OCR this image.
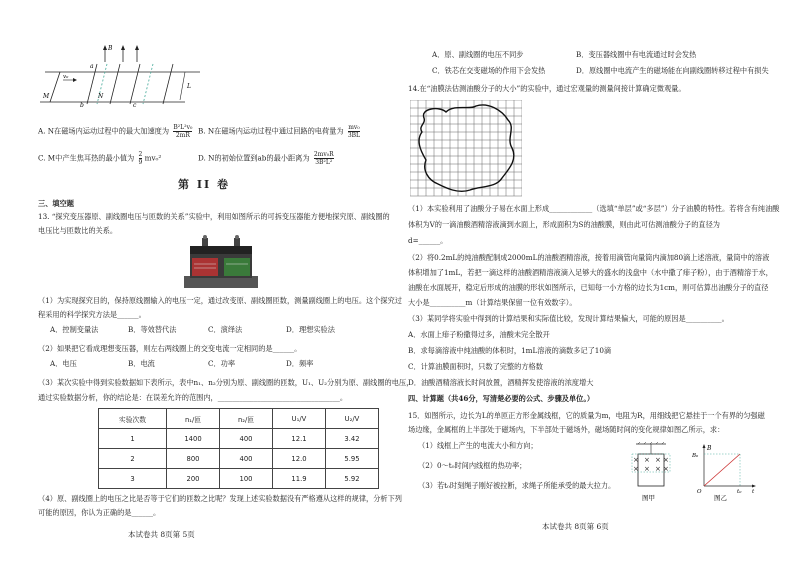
B
a
b	c
M	N
L
v₀
A. N在磁场内运动过程中的最大加速度为 $\frac{\text{B²L²v₀}}{2mR} B$. N在磁场内运动过程中通过回路的电荷量为 $\frac{\text{mv₀}}{3BL}$
C. M中产生焦耳热的最小值为 $\frac{2}{9} mv_0^2$	D. N的初始位置到ab的最小距离为 $\frac{\text{2mv₀R}}{\text{3B²L²}}$
第 II 卷
三、填空题
13. “探究变压器原、副线圈电压与匝数的关系”实验中，利用如图所示的可拆变压器能方便地探究原、副线圈的
电压比与匝数比的关系。
（1）为实现探究目的，保持原线圈输入的电压一定，通过改变原、副线圈匝数，测量副线圈上的电压。这个探究过
程采用的科学探究方法是______。
A．控制变量法	B．等效替代法	C．演绎法	D．理想实验法
（2）如果把它看成理想变压器，则左右两线圈上的交变电流一定相同的是______。
A．电压	B．电流	C．功率	D．频率
（3）某次实验中得到实验数据如下表所示，表中n₁、n₂分别为原、副线圈的匝数，U₁、U₂分别为原、副线圈的电压，
通过实验数据分析，你的结论是：在误差允许的范围内，__________________________________。
实验次数	n₁/匝	n₂/匝	U₁/V	U₂/V
1	1400	400	12.1	3.42
2	800	400	12.0	5.95
3	200	100	11.9	5.92
（4）原、副线圈上的电压之比是否等于它们的匝数之比呢？发现上述实验数据没有严格遵从这样的规律，分析下列
可能的原因，你认为正确的是______。
本试卷共 8页第 5页
A．原、副线圈的电压不同步	B．变压器线圈中有电流通过时会发热
C．铁芯在交变磁场的作用下会发热	D．原线圈中电流产生的磁场能在向副线圈转移过程中有损失
14.在“油膜法估测油酸分子的大小”的实验中，通过宏观量的测量间接计算确定微观量。
（1）本实验利用了油酸分子易在水面上形成____________（选填“单层”或“多层”）分子油膜的特性。若将含有纯油酸
体积为V的一滴油酸酒精溶液滴到水面上，形成面积为S的油酸膜，则由此可估测油酸分子的直径为
d=______。
（2）将0.2mL的纯油酸配制成2000mL的油酸酒精溶液，接着用滴管向量筒内滴加80滴上述溶液，量筒中的溶液
体积增加了1mL，若把一滴这样的油酸酒精溶液滴入足够大的盛水的浅盘中（水中撒了痱子粉），由于酒精溶于水，
油酸在水面展开，稳定后形成的油膜的形状如图所示，已知每一小方格的边长为1cm，则可估算出油酸分子的直径
大小是__________m（计算结果保留一位有效数字）。
（3）某同学将实验中得到的计算结果和实际值比较，发现计算结果偏大，可能的原因是__________。
A．水面上痱子粉撒得过多，油酸未完全散开
B．求每滴溶液中纯油酸的体积时，1mL溶液的滴数多记了10滴
C．计算油膜面积时，只数了完整的方格数
D．油酸酒精溶液长时间放置，酒精挥发使溶液的浓度增大
四、计算题（共46分，写清楚必要的公式、步骤及单位。）
15．如图所示，边长为L的单匝正方形金属线框，它的质量为m，电阻为R，用细线把它悬挂于一个有界的匀强磁
场边缘，金属框的上半部处于磁场内，下半部处于磁场外，磁场随时间的变化规律如图乙所示，求：
（1）线框上产生的电流大小和方向；
（2）0～t₀时间内线框的热功率；
（3）若t₀时刻绳子刚好被拉断，求绳子所能承受的最大拉力。
× × × ×
× × × ×
图甲
B
B₀
O	t₀ t
图乙
本试卷共 8页第 6页
